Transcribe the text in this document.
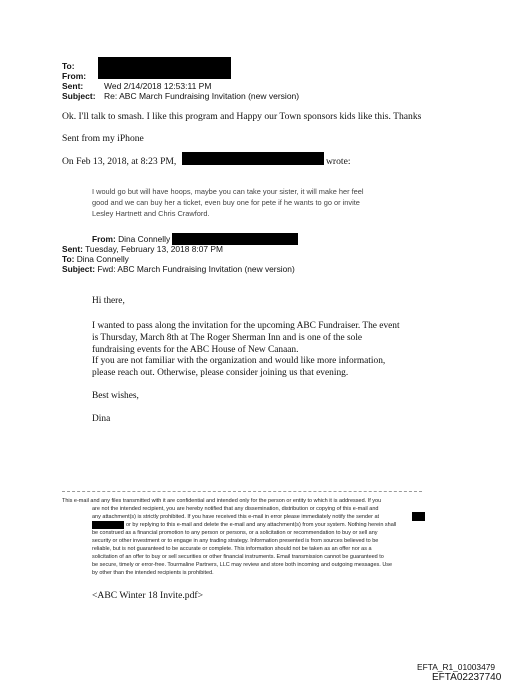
To:
From:
Sent: Wed 2/14/2018 12:53:11 PM
Subject: Re: ABC March Fundraising Invitation (new version)
Ok. I'll talk to smash. I like this program and Happy our Town sponsors kids like this. Thanks
Sent from my iPhone
On Feb 13, 2018, at 8:23 PM,	wrote:
I would go but will have hoops, maybe you can take your sister, it will make her feel
good and we can buy her a ticket, even buy one for pete if he wants to go or invite
Lesley Hartnett and Chris Crawford.
From: Dina Connelly
Sent: Tuesday, February 13, 2018 8:07 PM
To: Dina Connelly
Subject: Fwd: ABC March Fundraising Invitation (new version)
Hi there,
I wanted to pass along the invitation for the upcoming ABC Fundraiser. The event
is Thursday, March 8th at The Roger Sherman Inn and is one of the sole
fundraising events for the ABC House of New Canaan.
If you are not familiar with the organization and would like more information,
please reach out. Otherwise, please consider joining us that evening.
Best wishes,
Dina
This e-mail and any files transmitted with it are confidential and intended only for the person or entity to which it is addressed. If you
are not the intended recipient, you are hereby notified that any dissemination, distribution or copying of this e-mail and
any attachment(s) is strictly prohibited. If you have received this e-mail in error please immediately notify the sender at
or by replying to this e-mail and delete the e-mail and any attachment(s) from your system. Nothing herein shall
be construed as a financial promotion to any person or persons, or a solicitation or recommendation to buy or sell any
security or other investment or to engage in any trading strategy. Information presented is from sources believed to be
reliable, but is not guaranteed to be accurate or complete. This information should not be taken as an offer nor as a
solicitation of an offer to buy or sell securities or other financial instruments. Email transmission cannot be guaranteed to
be secure, timely or error-free. Tourmaline Partners, LLC may review and store both incoming and outgoing messages. Use
by other than the intended recipients is prohibited.
<ABC Winter 18 Invite.pdf>
EFTA_R1_01003479
EFTA02237740
